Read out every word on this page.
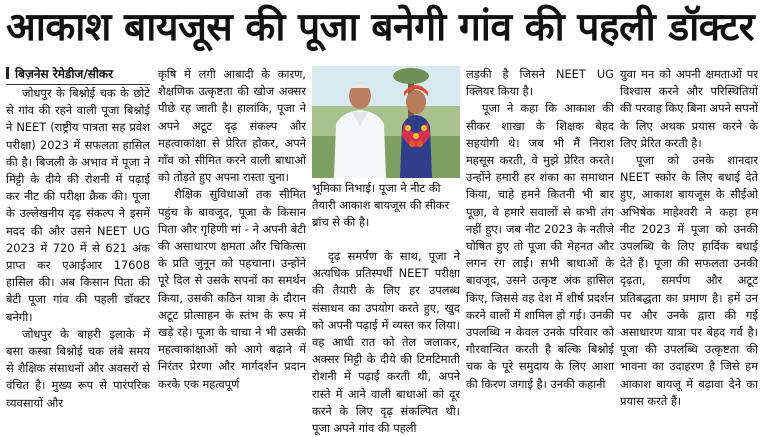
आकाश बायजूस की पूजा बनेगी गांव की पहली डॉक्टर

बिज़नेस रेमेडीज/सीकर

जोधपुर के बिश्नोई चक के छोटे से गांव की रहने वाली पूजा बिश्नोई ने NEET (राष्ट्रीय पात्रता सह प्रवेश परीक्षा) 2023 में सफलता हासिल की है। बिजली के अभाव में पूजा ने मिट्टी के दीये की रोशनी में पढ़ाई कर नीट की परीक्षा क्रैक की। पूजा के उल्लेखनीय दृढ़ संकल्प ने इसमें मदद की और उसने NEET UG 2023 में 720 में से 621 अंक प्राप्त कर एआईआर 17608 हासिल की। अब किसान पिता की बेटी पूजा गांव की पहली डॉक्टर बनेगी।

जोधपुर के बाहरी इलाके में बसा कस्बा बिश्नोई चक लंबे समय से शैक्षिक संसाधनों और अवसरों से वंचित है। मुख्य रूप से पारंपरिक व्यवसायों और

कृषि में लगी आबादी के कारण, शैक्षणिक उत्कृष्टता की खोज अक्सर पीछे रह जाती है। हालांकि, पूजा ने अपने अटूट दृढ़ संकल्प और महत्वाकांक्षा से प्रेरित होकर, अपने गाँव को सीमित करने वाली बाधाओं को तोड़ते हुए अपना रास्ता चुना।

शैक्षिक सुविधाओं तक सीमित पहुंच के बावजूद, पूजा के किसान पिता और गृहिणी मां - ने अपनी बेटी की असाधारण क्षमता और चिकित्सा के प्रति जुनून को पहचाना। उन्होंने पूरे दिल से उसके सपनों का समर्थन किया, उसकी कठिन यात्रा के दौरान अटूट प्रोत्साहन के स्तंभ के रूप में खड़े रहे। पूजा के चाचा ने भी उसकी महत्वाकांक्षाओं को आगे बढ़ाने में निरंतर प्रेरणा और मार्गदर्शन प्रदान करके एक महत्वपूर्ण

भूमिका निभाई। पूजा ने नीट की तैयारी आकाश बायजूस की सीकर ब्रांच से की है।

दृढ़ समर्पण के साथ, पूजा ने अत्यधिक प्रतिस्पर्धी NEET परीक्षा की तैयारी के लिए हर उपलब्ध संसाधन का उपयोग करते हुए, खुद को अपनी पढ़ाई में व्यस्त कर लिया। वह आधी रात को तेल जलाकर, अक्सर मिट्टी के दीये की टिमटिमाती रोशनी में पढ़ाई करती थी, अपने रास्ते में आने वाली बाधाओं को दूर करने के लिए दृढ़ संकल्पित थी। पूजा अपने गांव की पहली

लड़की है जिसने NEET UG क्लियर किया है।

पूजा ने कहा कि आकाश की सीकर शाखा के शिक्षक बेहद सहयोगी थे। जब भी मैं निराश महसूस करती, वे मुझे प्रेरित करते। उन्होंने हमारी हर शंका का समाधान किया, चाहे हमने कितनी भी बार पूछा, वे हमारे सवालों से कभी तंग नहीं हुए। जब नीट 2023 के नतीजे घोषित हुए तो पूजा की मेहनत और लगन रंग लाई। सभी बाधाओं के बावजूद, उसने उत्कृष्ट अंक हासिल किए, जिससे वह देश में शीर्ष प्रदर्शन करने वालों में शामिल हो गई। उनकी उपलब्धि न केवल उनके परिवार को गौरवान्वित करती है बल्कि बिश्नोई चक के पूरे समुदाय के लिए आशा की किरण जगाई है। उनकी कहानी

युवा मन को अपनी क्षमताओं पर विश्वास करने और परिस्थितियों की परवाह किए बिना अपने सपनों के लिए अथक प्रयास करने के लिए प्रेरित करती है।

पूजा को उनके शानदार NEET स्कोर के लिए बधाई देते हुए, आकाश बायजूस के सीईओ अभिषेक माहेश्वरी ने कहा हम नीट 2023 में पूजा को उनकी उपलब्धि के लिए हार्दिक बधाई देते हैं। पूजा की सफलता उनकी दृढ़ता, समर्पण और अटूट प्रतिबद्धता का प्रमाण है। हमें उन पर और उनके द्वारा की गई असाधारण यात्रा पर बेहद गर्व है। पूजा की उपलब्धि उत्कृष्टता की भावना का उदाहरण है जिसे हम आकाश बायजू में बढ़ावा देने का प्रयास करते हैं।
